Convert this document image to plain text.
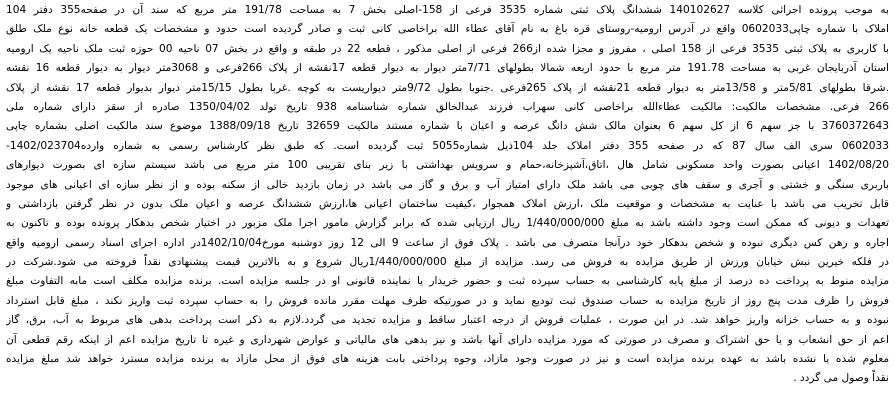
به موجب پرونده اجرائی کلاسه 140102627 ششدانگ پلاک ثبتی شماره 3535 فرعی از 158-اصلی بخش 7 به مساحت 191/78 متر مربع که سند آن در صفحه355 دفتر 104
املاک با شماره چاپی0602033 واقع در آدرس ارومیه-روستای قره باغ به نام آقای عطاء الله براخاصی کانی ثبت و صادر گردیده است حدود و مشخصات یک قطعه خانه نوع ملک طلق
با کاربری به پلاک ثبتی 3535 فرعی از 158 اصلی ، مفروز و مجزا شده از266 فرعی از اصلی مذکور ، قطعه 22 در طبقه و واقع در بخش 07 ناحیه 00 حوزه ثبت ملک ناحیه یک ارومیه
استان آذربایجان غربی به مساحت 191.78 متر مربع با حدود اربعه شمالا بطولهای 7/71متر دیوار به دیوار قطعه 17نقشه از پلاک 266فرعی و 3068متر دیوار به دیوار قطعه 16 نقشه
.شرقا بطولهای 5/81متر و 13/58متر به دیوار قطعه 21نقشه از پلاک 265فرعی .جنوبا بطول 9/72متر دیواریست به کوچه .غربا بطول 15/15متر دیوار بدیوار قطعه 17 نقشه از پلاک
266 فرعی. مشخصات مالکیت: مالکیت عطاءالله براخاصی کانی سهراب فرزند عبدالخالق شماره شناسنامه 938 تاریخ تولد 1350/04/02 صادره از سقز دارای شماره ملی
3760372643 با جز سهم 6 از کل سهم 6 بعنوان مالک شش دانگ عرصه و اعیان با شماره مستند مالکیت 32659 تاریخ 1388/09/18 موضوع سند مالکیت اصلی بشماره چاپی
0602033 سری الف سال 87 که در صفحه 355 دفتر املاک جلد 104ذیل شماره5055 ثبت گردیده است. که طبق نظر کارشناس رسمی به شماره وارده1402/023704-
1402/08/20 اعیانی بصورت واحد مسکونی شامل هال ،اتاق،آشپزخانه،حمام و سرویس بهداشتی با زیر بنای تقریبی 100 متر مربع می باشد سیستم سازه ای بصورت دیوارهای
باربری سنگی و خشتی و آجری و سقف های چوبی می باشد ملک دارای امتیاز آب و برق و گاز می باشد در زمان بازدید خالی از سکنه بوده و از نظر سازه ای اعیانی های موجود
قابل تخریب می باشد با عنایت به مشخصات و موقعیت ملک ،ارزش املاک همجوار ،کیفیت ساختمان اعیانی ها،ارزش ششدانگ عرصه و اعیان ملک بدون در نظر گرفتن بازداشتی و
تعهدات و دیونی که ممکن است وجود داشته باشد به مبلغ 1/440/000/000 ریال ارزیابی شده که برابر گزارش مامور اجرا ملک مزبور در اختیار شخص بدهکار پرونده بوده و تاکنون به
اجاره و رهن کس دیگری نبوده و شخص بدهکار خود درآنجا متصرف می باشد . پلاک فوق از ساعت 9 الی 12 روز دوشنبه مورخ1402/10/04در اداره اجرای اسناد رسمی ارومیه واقع
در فلکه خیرین نبش خیابان ورزش از طریق مزایده به فروش می رسد. مزایده از مبلغ 1/440/000/000ریال شروع و به بالاترین قیمت پیشنهادی نقداً فروخته می شود.شرکت در
مزایده منوط به پرداخت ده درصد از مبلغ پایه کارشناسی به حساب سپرده ثبت و حضور خریدار یا نماینده قانونی او در جلسه مزایده است. برنده مزایده مکلف است مابه التفاوت مبلغ
فروش را ظرف مدت پنج روز از تاریخ مزایده به حساب صندوق ثبت تودیع نماید و در صورتیکه ظرف مهلت مقرر مانده فروش را به حساب سپرده ثبت واریز نکند ، مبلغ قابل استرداد
نبوده و به حساب خزانه واریز خواهد شد. در این صورت ، عملیات فروش از درجه اعتبار ساقط و مزایده تجدید می گردد.لازم به ذکر است پرداخت بدهی های مربوط به آب، برق، گاز
اعم از حق انشعاب و یا حق اشتراک و مصرف در صورتی که مورد مزایده دارای آنها باشد و نیز بدهی های مالیاتی و عوارض شهرداری و غیره تا تاریخ مزایده اعم از اینکه رقم قطعی آن
معلوم شده یا نشده باشد به عهده برنده مزایده است و نیز در صورت وجود مازاد، وجوه پرداختی بابت هزینه های فوق از محل مازاد به برنده مزایده مسترد خواهد شد مبلغ مزایده
نقداً وصول می گردد .
